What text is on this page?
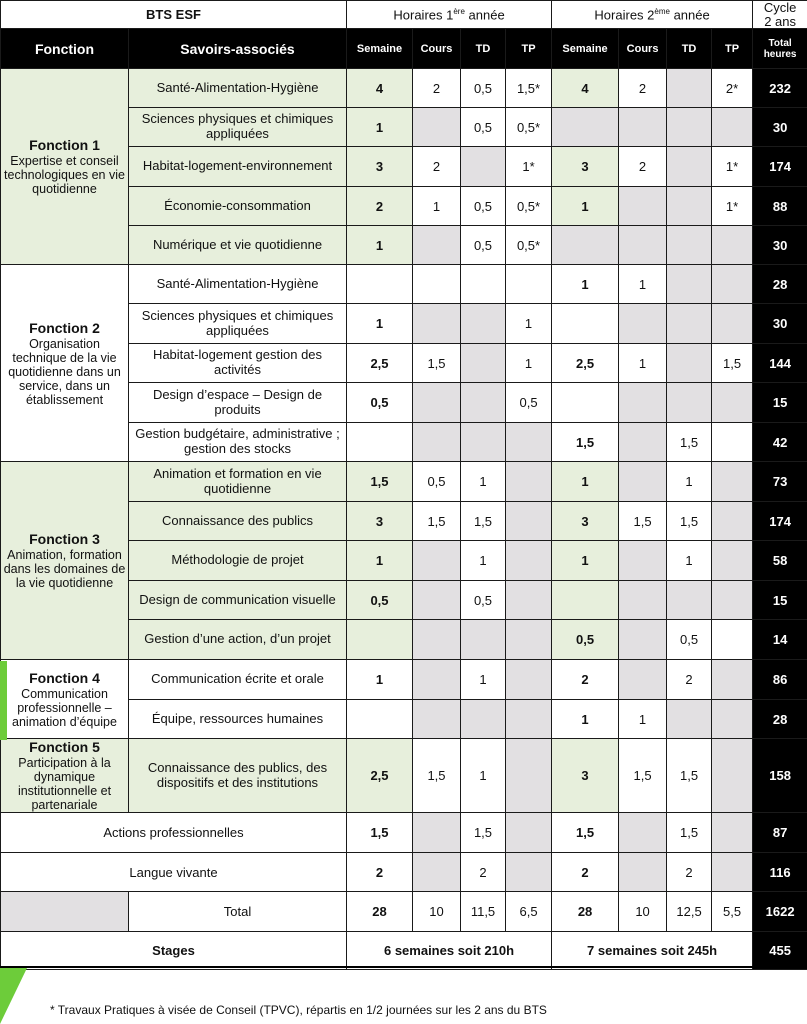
BTS ESF		Horaires 1ère année				Horaires 2ème année				Cycle
2 ans
Fonction	Savoirs-associés	Semaine	Cours	TD	TP	Semaine	Cours	TD	TP	Total heures

Fonction 1
Expertise et conseil technologiques en vie quotidienne	Santé-Alimentation-Hygiène	4	2	0,5	1,5*	4	2		2*	232
	Sciences physiques et chimiques appliquées	1		0,5	0,5*					30
	Habitat-logement-environnement	3	2		1*	3	2		1*	174
	Économie-consommation	2	1	0,5	0,5*	1			1*	88
	Numérique et vie quotidienne	1		0,5	0,5*					30

Fonction 2
Organisation technique de la vie quotidienne dans un service, dans un établissement	Santé-Alimentation-Hygiène					1	1			28
	Sciences physiques et chimiques appliquées	1			1					30
	Habitat-logement gestion des activités	2,5	1,5		1	2,5	1		1,5	144
	Design d’espace – Design de produits	0,5			0,5					15
	Gestion budgétaire, administrative ; gestion des stocks					1,5		1,5		42

Fonction 3
Animation, formation dans les domaines de la vie quotidienne	Animation et formation en vie quotidienne	1,5	0,5	1		1		1		73
	Connaissance des publics	3	1,5	1,5		3	1,5	1,5		174
	Méthodologie de projet	1		1		1		1		58
	Design de communication visuelle	0,5		0,5						15
	Gestion d’une action, d’un projet					0,5		0,5		14

Fonction 4
Communication professionnelle – animation d’équipe	Communication écrite et orale	1		1		2		2		86
	Équipe, ressources humaines					1	1			28

Fonction 5
Participation à la dynamique institutionnelle et partenariale	Connaissance des publics, des dispositifs et des institutions	2,5	1,5	1		3	1,5	1,5		158
Actions professionnelles		1,5		1,5		1,5		1,5		87
Langue vivante		2		2		2		2		116
	Total	28	10	11,5	6,5	28	10	12,5	5,5	1622
Stages		6 semaines soit 210h				7 semaines soit 245h				455
* Travaux Pratiques à visée de Conseil (TPVC), répartis en 1/2 journées sur les 2 ans du BTS
